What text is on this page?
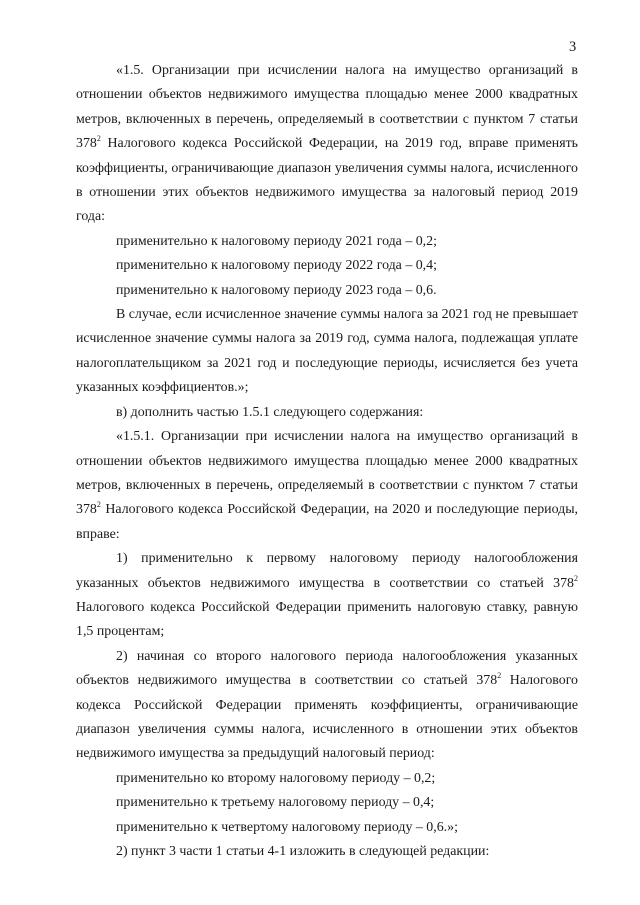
3

«1.5. Организации при исчислении налога на имущество организаций в отношении объектов недвижимого имущества площадью менее 2000 квадратных метров, включенных в перечень, определяемый в соответствии с пунктом 7 статьи $378^2$ Налогового кодекса Российской Федерации, на 2019 год, вправе применять коэффициенты, ограничивающие диапазон увеличения суммы налога, исчисленного в отношении этих объектов недвижимого имущества за налоговый период 2019 года:

применительно к налоговому периоду 2021 года – 0,2;

применительно к налоговому периоду 2022 года – 0,4;

применительно к налоговому периоду 2023 года – 0,6.

В случае, если исчисленное значение суммы налога за 2021 год не превышает исчисленное значение суммы налога за 2019 год, сумма налога, подлежащая уплате налогоплательщиком за 2021 год и последующие периоды, исчисляется без учета указанных коэффициентов.»;

в) дополнить частью 1.5.1 следующего содержания:

«1.5.1. Организации при исчислении налога на имущество организаций в отношении объектов недвижимого имущества площадью менее 2000 квадратных метров, включенных в перечень, определяемый в соответствии с пунктом 7 статьи $378^2$ Налогового кодекса Российской Федерации, на 2020 и последующие периоды, вправе:

1) применительно к первому налоговому периоду налогообложения указанных объектов недвижимого имущества в соответствии со статьей $378^2$ Налогового кодекса Российской Федерации применить налоговую ставку, равную 1,5 процентам;

2) начиная со второго налогового периода налогообложения указанных объектов недвижимого имущества в соответствии со статьей $378^2$ Налогового кодекса Российской Федерации применять коэффициенты, ограничивающие диапазон увеличения суммы налога, исчисленного в отношении этих объектов недвижимого имущества за предыдущий налоговый период:

применительно ко второму налоговому периоду – 0,2;

применительно к третьему налоговому периоду – 0,4;

применительно к четвертому налоговому периоду – 0,6.»;

2) пункт 3 части 1 статьи 4-1 изложить в следующей редакции:
